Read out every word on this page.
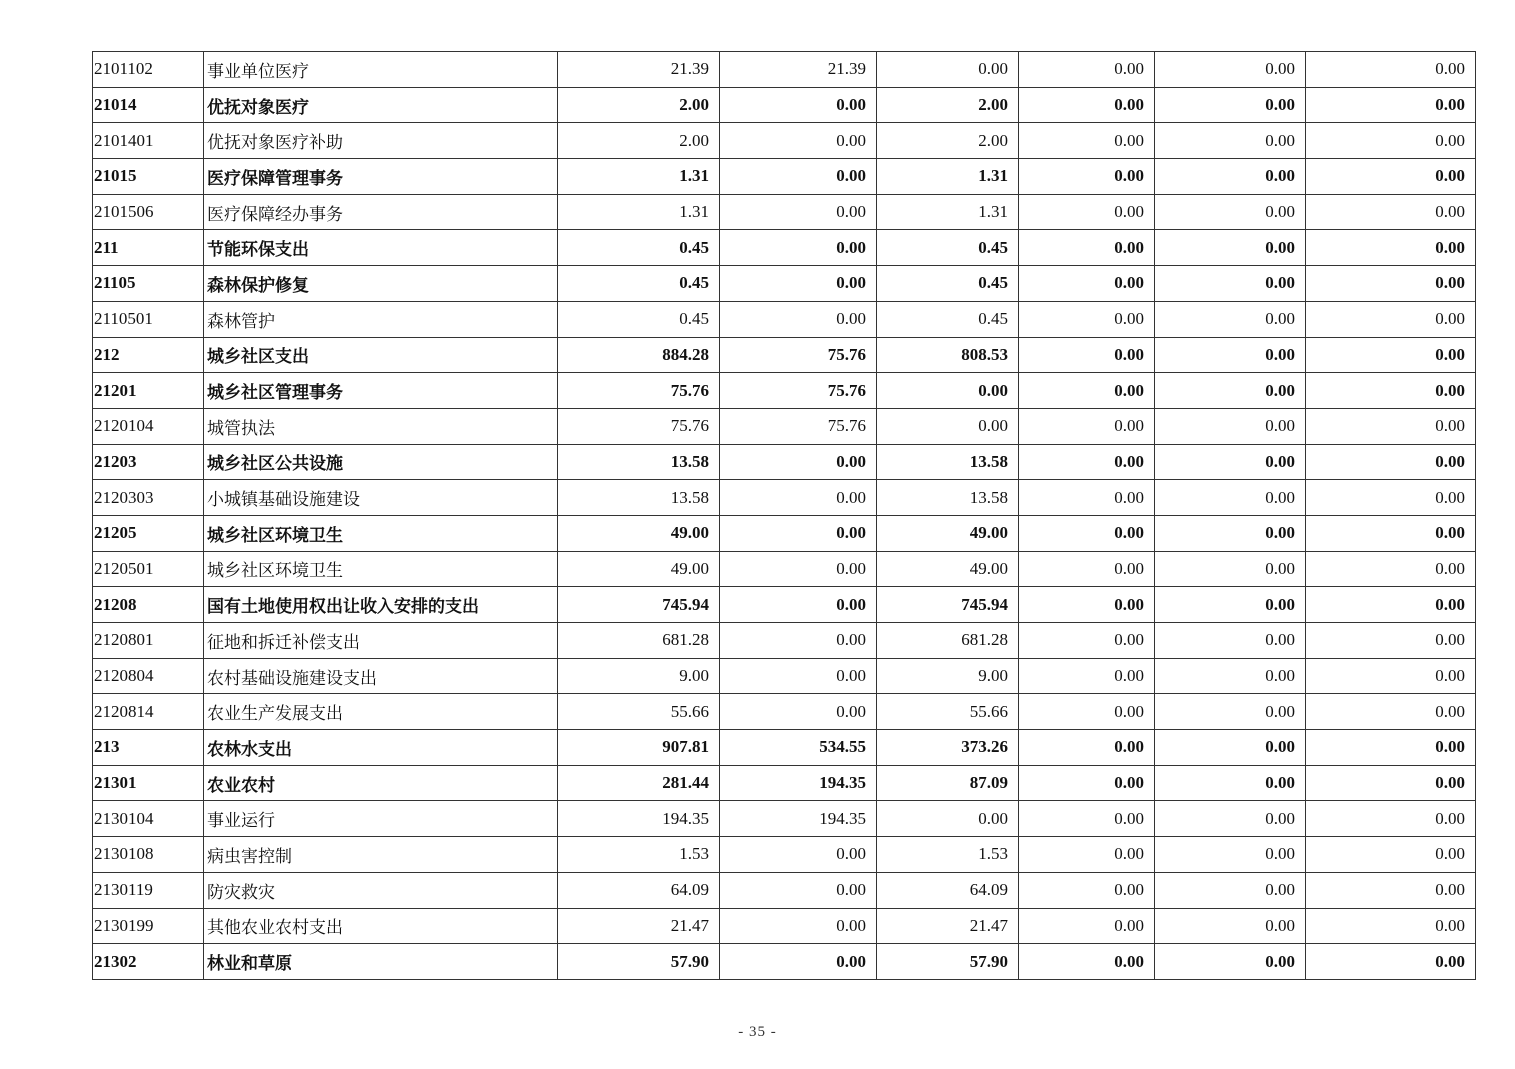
2101102	事业单位医疗	21.39	21.39	0.00	0.00	0.00	0.00
21014	优抚对象医疗	2.00	0.00	2.00	0.00	0.00	0.00
2101401	优抚对象医疗补助	2.00	0.00	2.00	0.00	0.00	0.00
21015	医疗保障管理事务	1.31	0.00	1.31	0.00	0.00	0.00
2101506	医疗保障经办事务	1.31	0.00	1.31	0.00	0.00	0.00
211	节能环保支出	0.45	0.00	0.45	0.00	0.00	0.00
21105	森林保护修复	0.45	0.00	0.45	0.00	0.00	0.00
2110501	森林管护	0.45	0.00	0.45	0.00	0.00	0.00
212	城乡社区支出	884.28	75.76	808.53	0.00	0.00	0.00
21201	城乡社区管理事务	75.76	75.76	0.00	0.00	0.00	0.00
2120104	城管执法	75.76	75.76	0.00	0.00	0.00	0.00
21203	城乡社区公共设施	13.58	0.00	13.58	0.00	0.00	0.00
2120303	小城镇基础设施建设	13.58	0.00	13.58	0.00	0.00	0.00
21205	城乡社区环境卫生	49.00	0.00	49.00	0.00	0.00	0.00
2120501	城乡社区环境卫生	49.00	0.00	49.00	0.00	0.00	0.00
21208	国有土地使用权出让收入安排的支出	745.94	0.00	745.94	0.00	0.00	0.00
2120801	征地和拆迁补偿支出	681.28	0.00	681.28	0.00	0.00	0.00
2120804	农村基础设施建设支出	9.00	0.00	9.00	0.00	0.00	0.00
2120814	农业生产发展支出	55.66	0.00	55.66	0.00	0.00	0.00
213	农林水支出	907.81	534.55	373.26	0.00	0.00	0.00
21301	农业农村	281.44	194.35	87.09	0.00	0.00	0.00
2130104	事业运行	194.35	194.35	0.00	0.00	0.00	0.00
2130108	病虫害控制	1.53	0.00	1.53	0.00	0.00	0.00
2130119	防灾救灾	64.09	0.00	64.09	0.00	0.00	0.00
2130199	其他农业农村支出	21.47	0.00	21.47	0.00	0.00	0.00
21302	林业和草原	57.90	0.00	57.90	0.00	0.00	0.00
- 35 -
